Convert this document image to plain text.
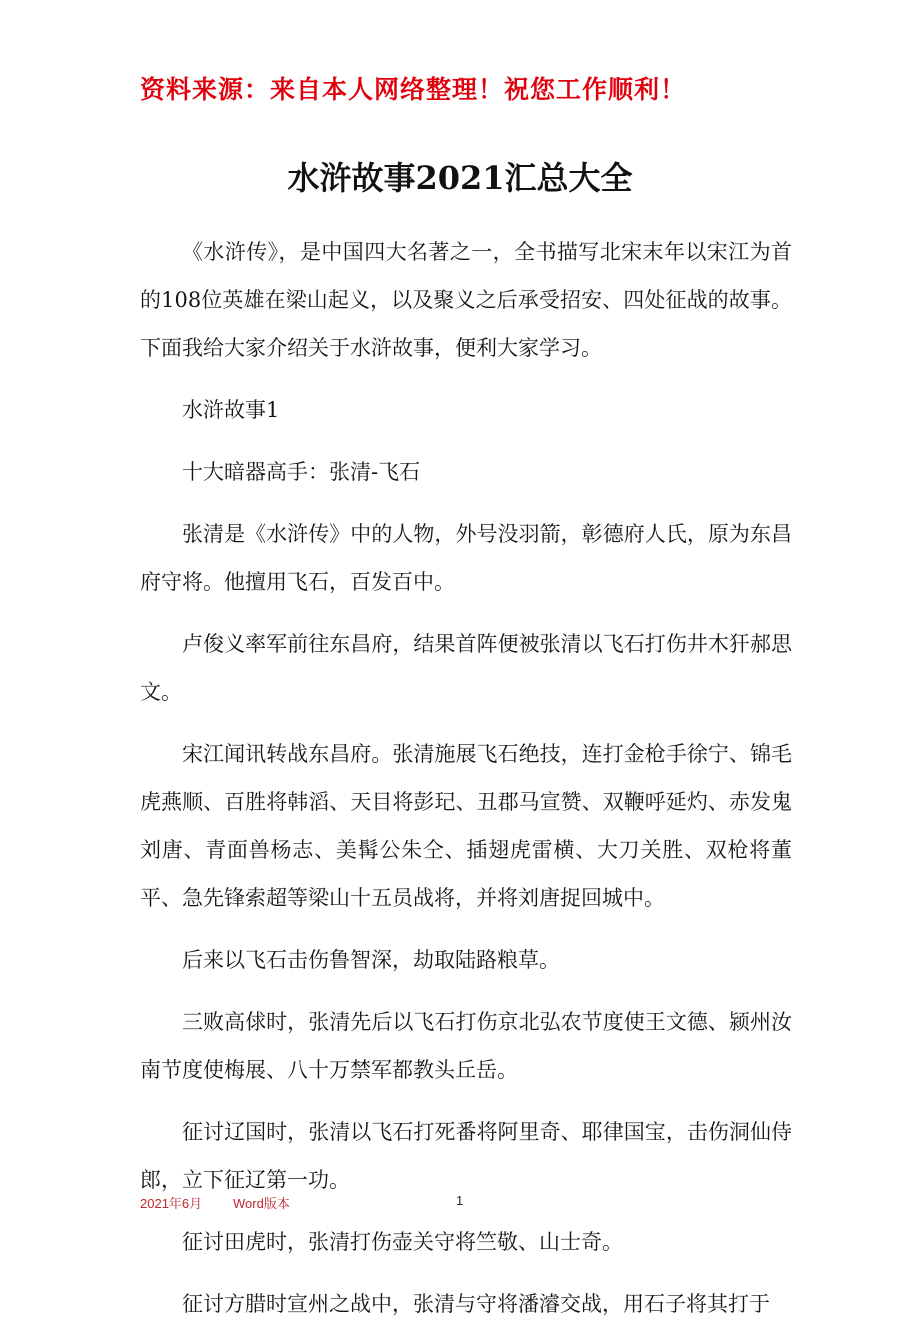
资料来源：来自本人网络整理！祝您工作顺利！
水浒故事2021汇总大全

《水浒传》，是中国四大名著之一，全书描写北宋末年以宋江为首的108位英雄在梁山起义，以及聚义之后承受招安、四处征战的故事。下面我给大家介绍关于水浒故事，便利大家学习。

水浒故事1

十大暗器高手：张清-飞石

张清是《水浒传》中的人物，外号没羽箭，彰德府人氏，原为东昌府守将。他擅用飞石，百发百中。

卢俊义率军前往东昌府，结果首阵便被张清以飞石打伤井木犴郝思文。

宋江闻讯转战东昌府。张清施展飞石绝技，连打金枪手徐宁、锦毛虎燕顺、百胜将韩滔、天目将彭玘、丑郡马宣赞、双鞭呼延灼、赤发鬼刘唐、青面兽杨志、美髯公朱仝、插翅虎雷横、大刀关胜、双枪将董平、急先锋索超等梁山十五员战将，并将刘唐捉回城中。

后来以飞石击伤鲁智深，劫取陆路粮草。

三败高俅时，张清先后以飞石打伤京北弘农节度使王文德、颍州汝南节度使梅展、八十万禁军都教头丘岳。

征讨辽国时，张清以飞石打死番将阿里奇、耶律国宝，击伤洞仙侍郎，立下征辽第一功。

征讨田虎时，张清打伤壶关守将竺敬、山士奇。

征讨方腊时宣州之战中，张清与守将潘濬交战，用石子将其打于

2021年6月 Word版本	1
